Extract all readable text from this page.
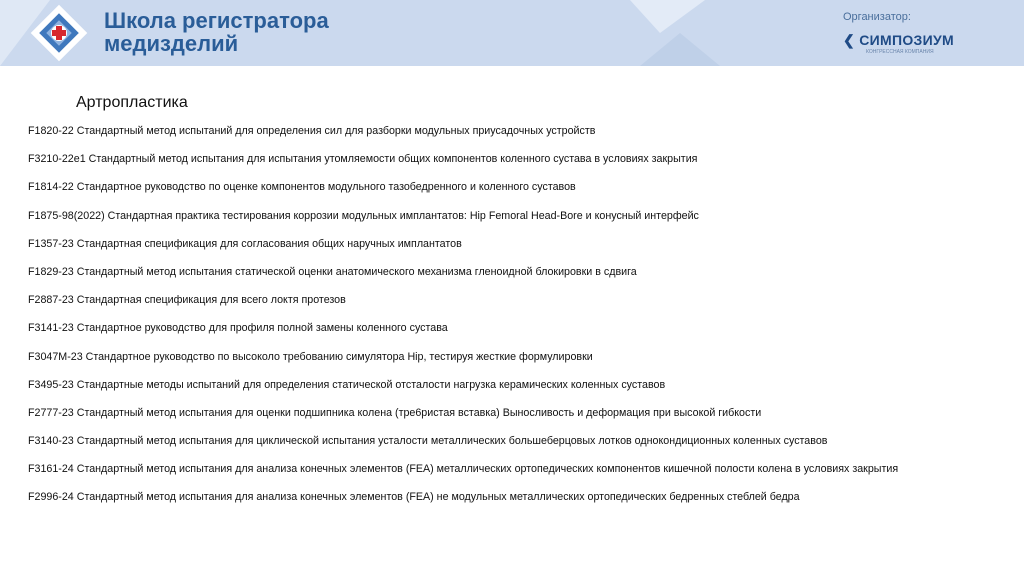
Школа регистратора
медизделий
Организатор:
❮ СИМПОЗИУМ
КОНГРЕССНАЯ КОМПАНИЯ
Артропластика
F1820-22 Стандартный метод испытаний для определения сил для разборки модульных приусадочных устройств
F3210-22e1 Стандартный метод испытания для испытания утомляемости общих компонентов коленного сустава в условиях закрытия
F1814-22 Стандартное руководство по оценке компонентов модульного тазобедренного и коленного суставов
F1875-98(2022) Стандартная практика тестирования коррозии модульных имплантатов: Hip Femoral Head-Bore и конусный интерфейс
F1357-23 Стандартная спецификация для согласования общих наручных имплантатов
F1829-23 Стандартный метод испытания статической оценки анатомического механизма гленоидной блокировки в сдвига
F2887-23 Стандартная спецификация для всего локтя протезов
F3141-23 Стандартное руководство для профиля полной замены коленного сустава
F3047M-23 Стандартное руководство по высоколо требованию симулятора Hip, тестируя жесткие формулировки
F3495-23 Стандартные методы испытаний для определения статической отсталости нагрузка керамических коленных суставов
F2777-23 Стандартный метод испытания для оценки подшипника колена (тре6ристая вставка) Выносливость и деформация при высокой гибкости
F3140-23 Стандартный метод испытания для циклической испытания усталости металлических большеберцовых лотков однокондиционных коленных суставов
F3161-24 Стандартный метод испытания для анализа конечных элементов (FEA) металлических ортопедических компонентов кишечной полости колена в условиях закрытия
F2996-24 Стандартный метод испытания для анализа конечных элементов (FEA) не модульных металлических ортопедических бедренных стеблей бедра
